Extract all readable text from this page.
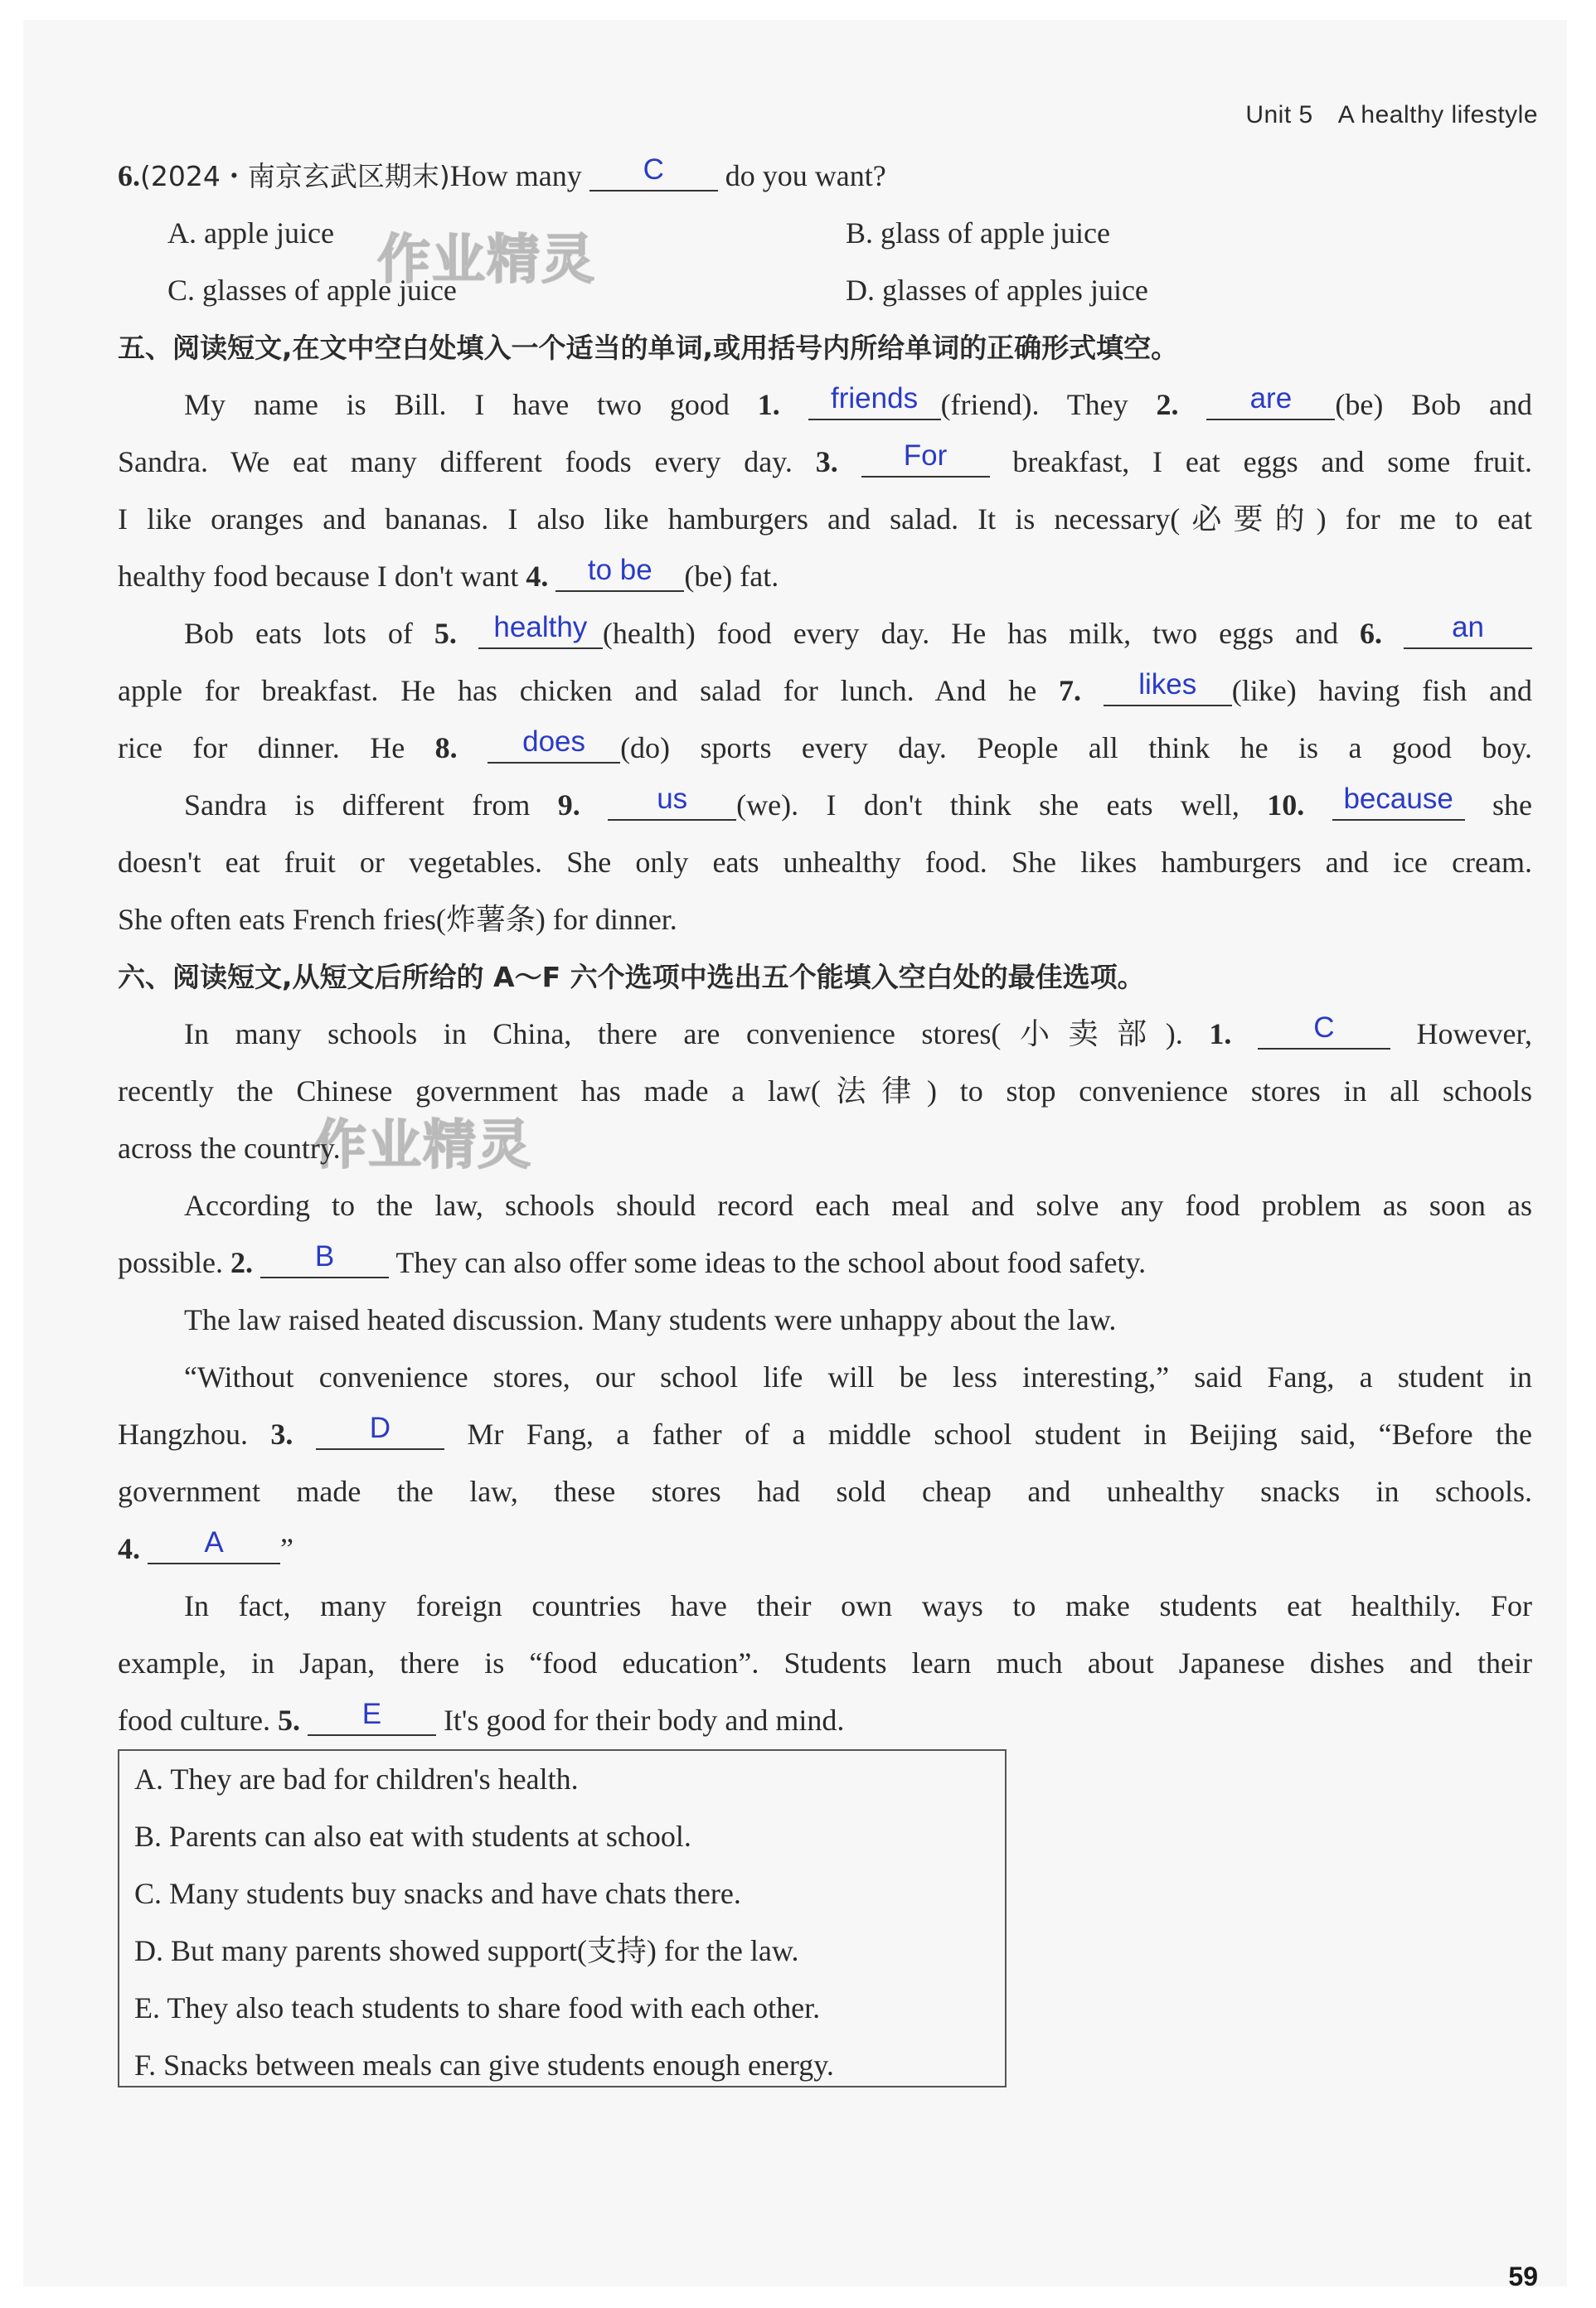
Unit 5 A healthy lifestyle
作业精灵
作业精灵
6.(2024・南京玄武区期末)How many C do you want?
A. apple juice	B. glass of apple juice
C. glasses of apple juice	D. glasses of apples juice
五、阅读短文,在文中空白处填入一个适当的单词,或用括号内所给单词的正确形式填空。
My name is Bill. I have two good 1. friends (friend). They 2. are (be) Bob and
Sandra. We eat many different foods every day. 3. For breakfast, I eat eggs and some fruit.
I like oranges and bananas. I also like hamburgers and salad. It is necessary(必要的) for me to eat
healthy food because I don't want 4. to be (be) fat.
Bob eats lots of 5. healthy (health) food every day. He has milk, two eggs and 6. an
apple for breakfast. He has chicken and salad for lunch. And he 7. likes (like) having fish and
rice for dinner. He 8. does (do) sports every day. People all think he is a good boy.
Sandra is different from 9.	us (we). I don't think she eats well, 10. because she
doesn't eat fruit or vegetables. She only eats unhealthy food. She likes hamburgers and ice cream.
She often eats French fries(炸薯条) for dinner.
六、阅读短文,从短文后所给的 A～F 六个选项中选出五个能填入空白处的最佳选项。
In many schools in China, there are convenience stores(小卖部). 1.	C	However,
recently the Chinese government has made a law(法律) to stop convenience stores in all schools
across the country.
According to the law, schools should record each meal and solve any food problem as soon as
possible. 2. B They can also offer some ideas to the school about food safety.
The law raised heated discussion. Many students were unhappy about the law.
“Without convenience stores, our school life will be less interesting,” said Fang, a student in
Hangzhou. 3.	D	Mr Fang, a father of a middle school student in Beijing said, “Before the
government made the law, these stores had sold cheap and unhealthy snacks in schools.
4. A ”
In fact, many foreign countries have their own ways to make students eat healthily. For
example, in Japan, there is “food education”. Students learn much about Japanese dishes and their
food culture. 5. E It's good for their body and mind.
A. They are bad for children's health.
B. Parents can also eat with students at school.
C. Many students buy snacks and have chats there.
D. But many parents showed support(支持) for the law.
E. They also teach students to share food with each other.
F. Snacks between meals can give students enough energy.
59
